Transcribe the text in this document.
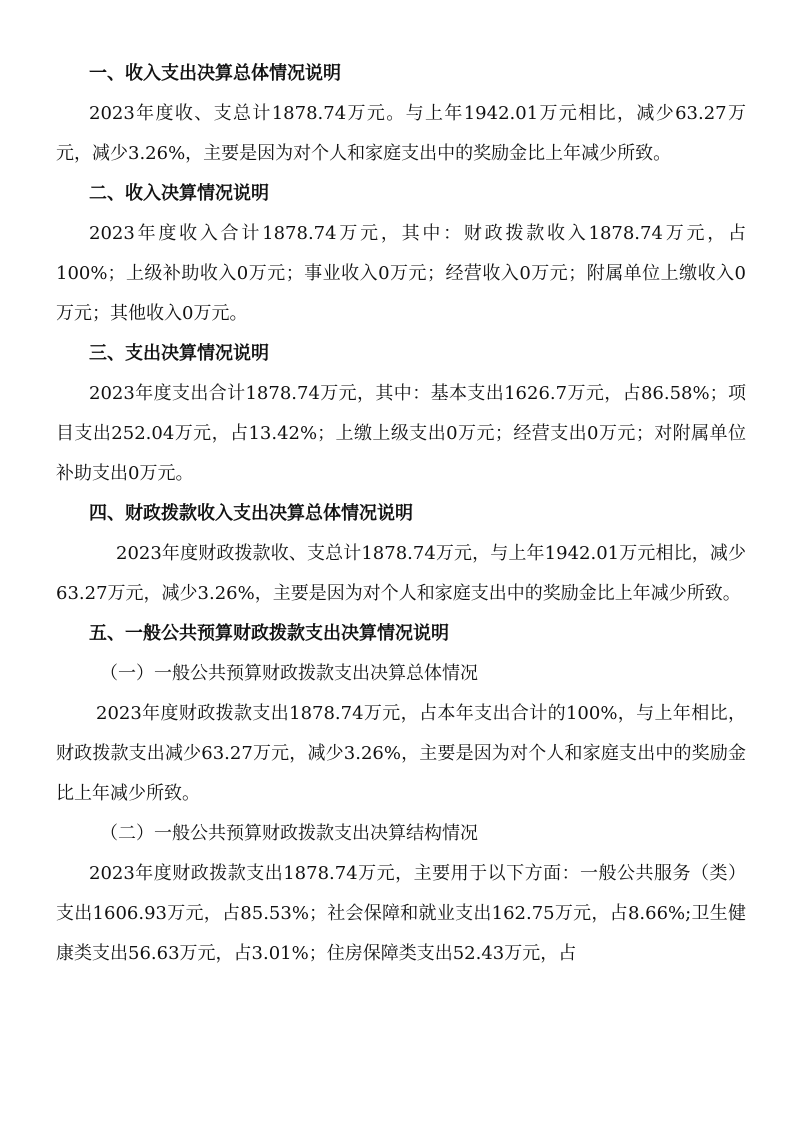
一、收入支出决算总体情况说明

2023年度收、支总计1878.74万元。与上年1942.01万元相比，减少63.27万元，减少3.26%，主要是因为对个人和家庭支出中的奖励金比上年减少所致。

二、收入决算情况说明

2023年度收入合计1878.74万元，其中：财政拨款收入1878.74万元，占100%；上级补助收入0万元；事业收入0万元；经营收入0万元；附属单位上缴收入0万元；其他收入0万元。

三、支出决算情况说明

2023年度支出合计1878.74万元，其中：基本支出1626.7万元，占86.58%；项目支出252.04万元，占13.42%；上缴上级支出0万元；经营支出0万元；对附属单位补助支出0万元。

四、财政拨款收入支出决算总体情况说明

2023年度财政拨款收、支总计1878.74万元，与上年1942.01万元相比，减少63.27万元，减少3.26%，主要是因为对个人和家庭支出中的奖励金比上年减少所致。

五、一般公共预算财政拨款支出决算情况说明
（一）一般公共预算财政拨款支出决算总体情况

2023年度财政拨款支出1878.74万元，占本年支出合计的100%，与上年相比，财政拨款支出减少63.27万元，减少3.26%，主要是因为对个人和家庭支出中的奖励金比上年减少所致。

（二）一般公共预算财政拨款支出决算结构情况

2023年度财政拨款支出1878.74万元，主要用于以下方面：一般公共服务（类）支出1606.93万元，占85.53%；社会保障和就业支出162.75万元，占8.66%;卫生健康类支出56.63万元，占3.01%；住房保障类支出52.43万元，占
